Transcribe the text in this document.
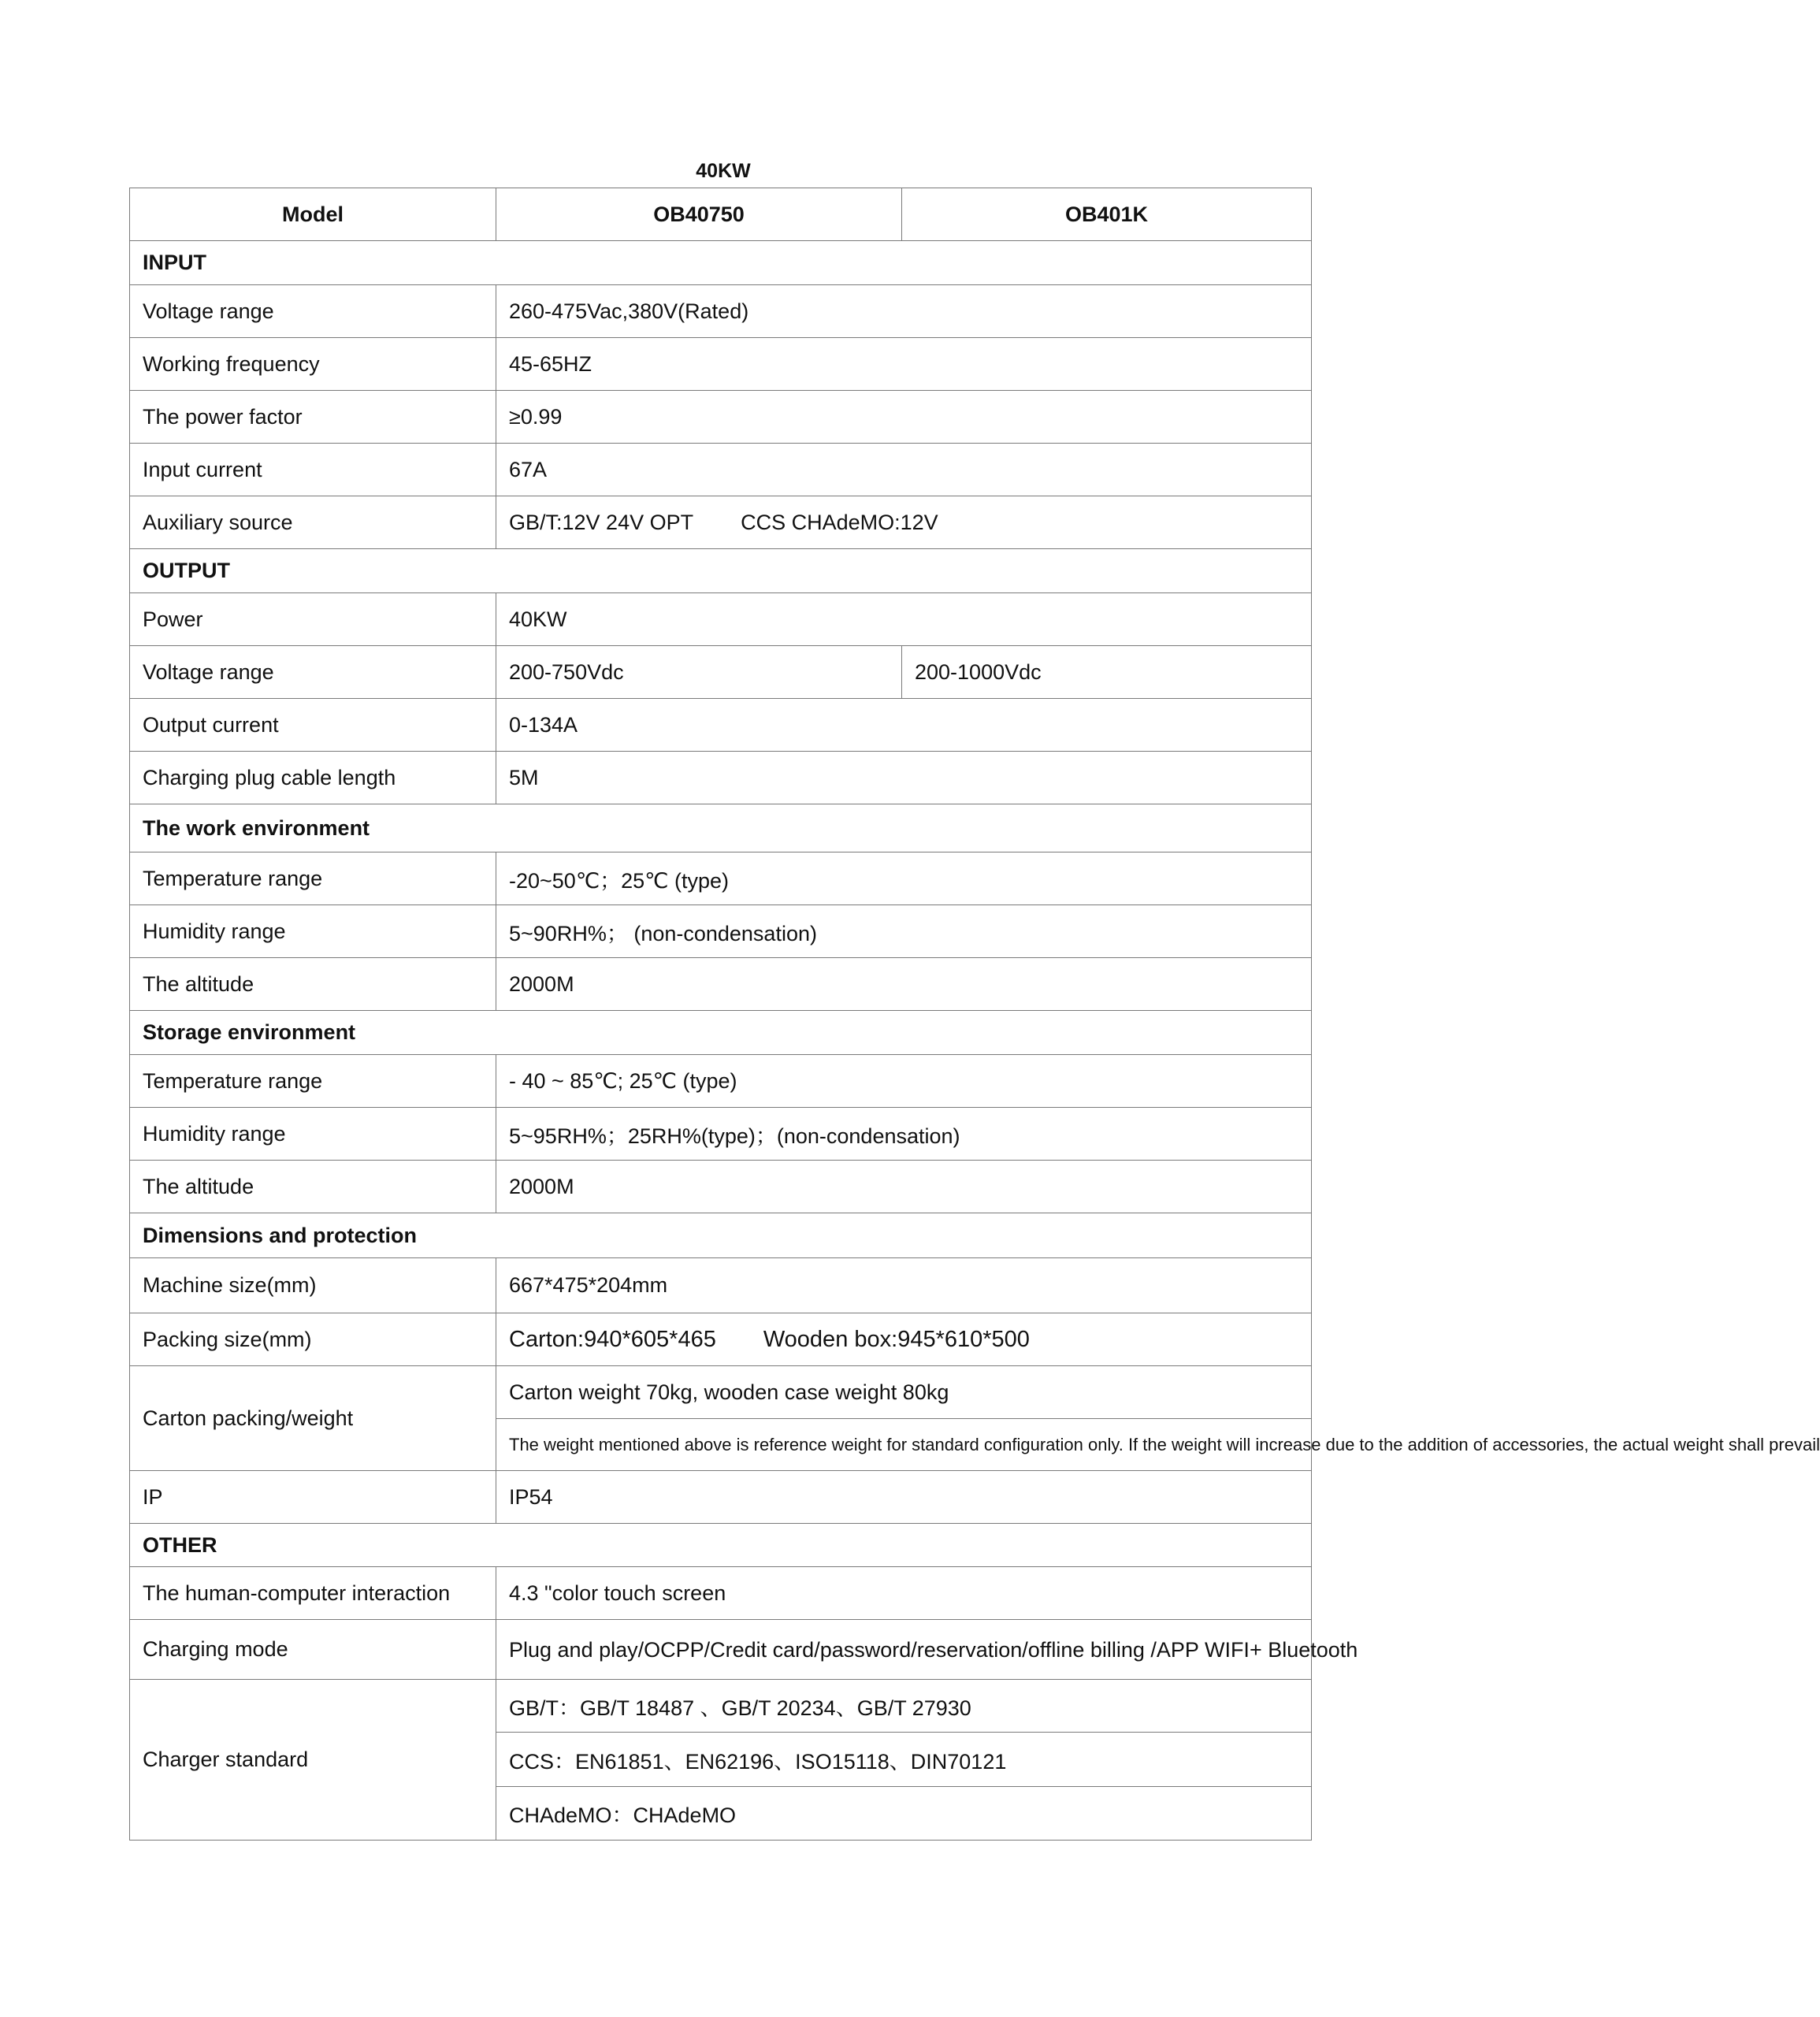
40KW
Model	OB40750	OB401K
INPUT		
Voltage range	260-475Vac,380V(Rated)	
Working frequency	45-65HZ	
The power factor	≥0.99	
Input current	67A	
Auxiliary source	GB/T:12V 24V OPT CCS CHAdeMO:12V	
OUTPUT		
Power	40KW	
Voltage range	200-750Vdc	200-1000Vdc
Output current	0-134A	
Charging plug cable length	5M	
The work environment		
Temperature range	-20~50℃；25℃ (type)	
Humidity range	5~90RH%； (non-condensation)	
The altitude	2000M	
Storage environment		
Temperature range	- 40 ~ 85℃; 25℃ (type)	
Humidity range	5~95RH%；25RH%(type)；(non-condensation)	
The altitude	2000M	
Dimensions and protection		
Machine size(mm)	667*475*204mm	
Packing size(mm)	Carton:940*605*465 Wooden box:945*610*500	
Carton packing/weight	Carton weight 70kg, wooden case weight 80kg	
	The weight mentioned above is reference weight for standard configuration only. If the weight will increase due to the addition of accessories, the actual weight shall prevail	
IP	IP54	
OTHER		
The human-computer interaction	4.3 "color touch screen	
Charging mode	Plug and play/OCPP/Credit card/password/reservation/offline billing /APP WIFI+ Bluetooth	
Charger standard	GB/T：GB/T 18487 、GB/T 20234、GB/T 27930	
	CCS：EN61851、EN62196、ISO15118、DIN70121	
	CHAdeMO：CHAdeMO	
